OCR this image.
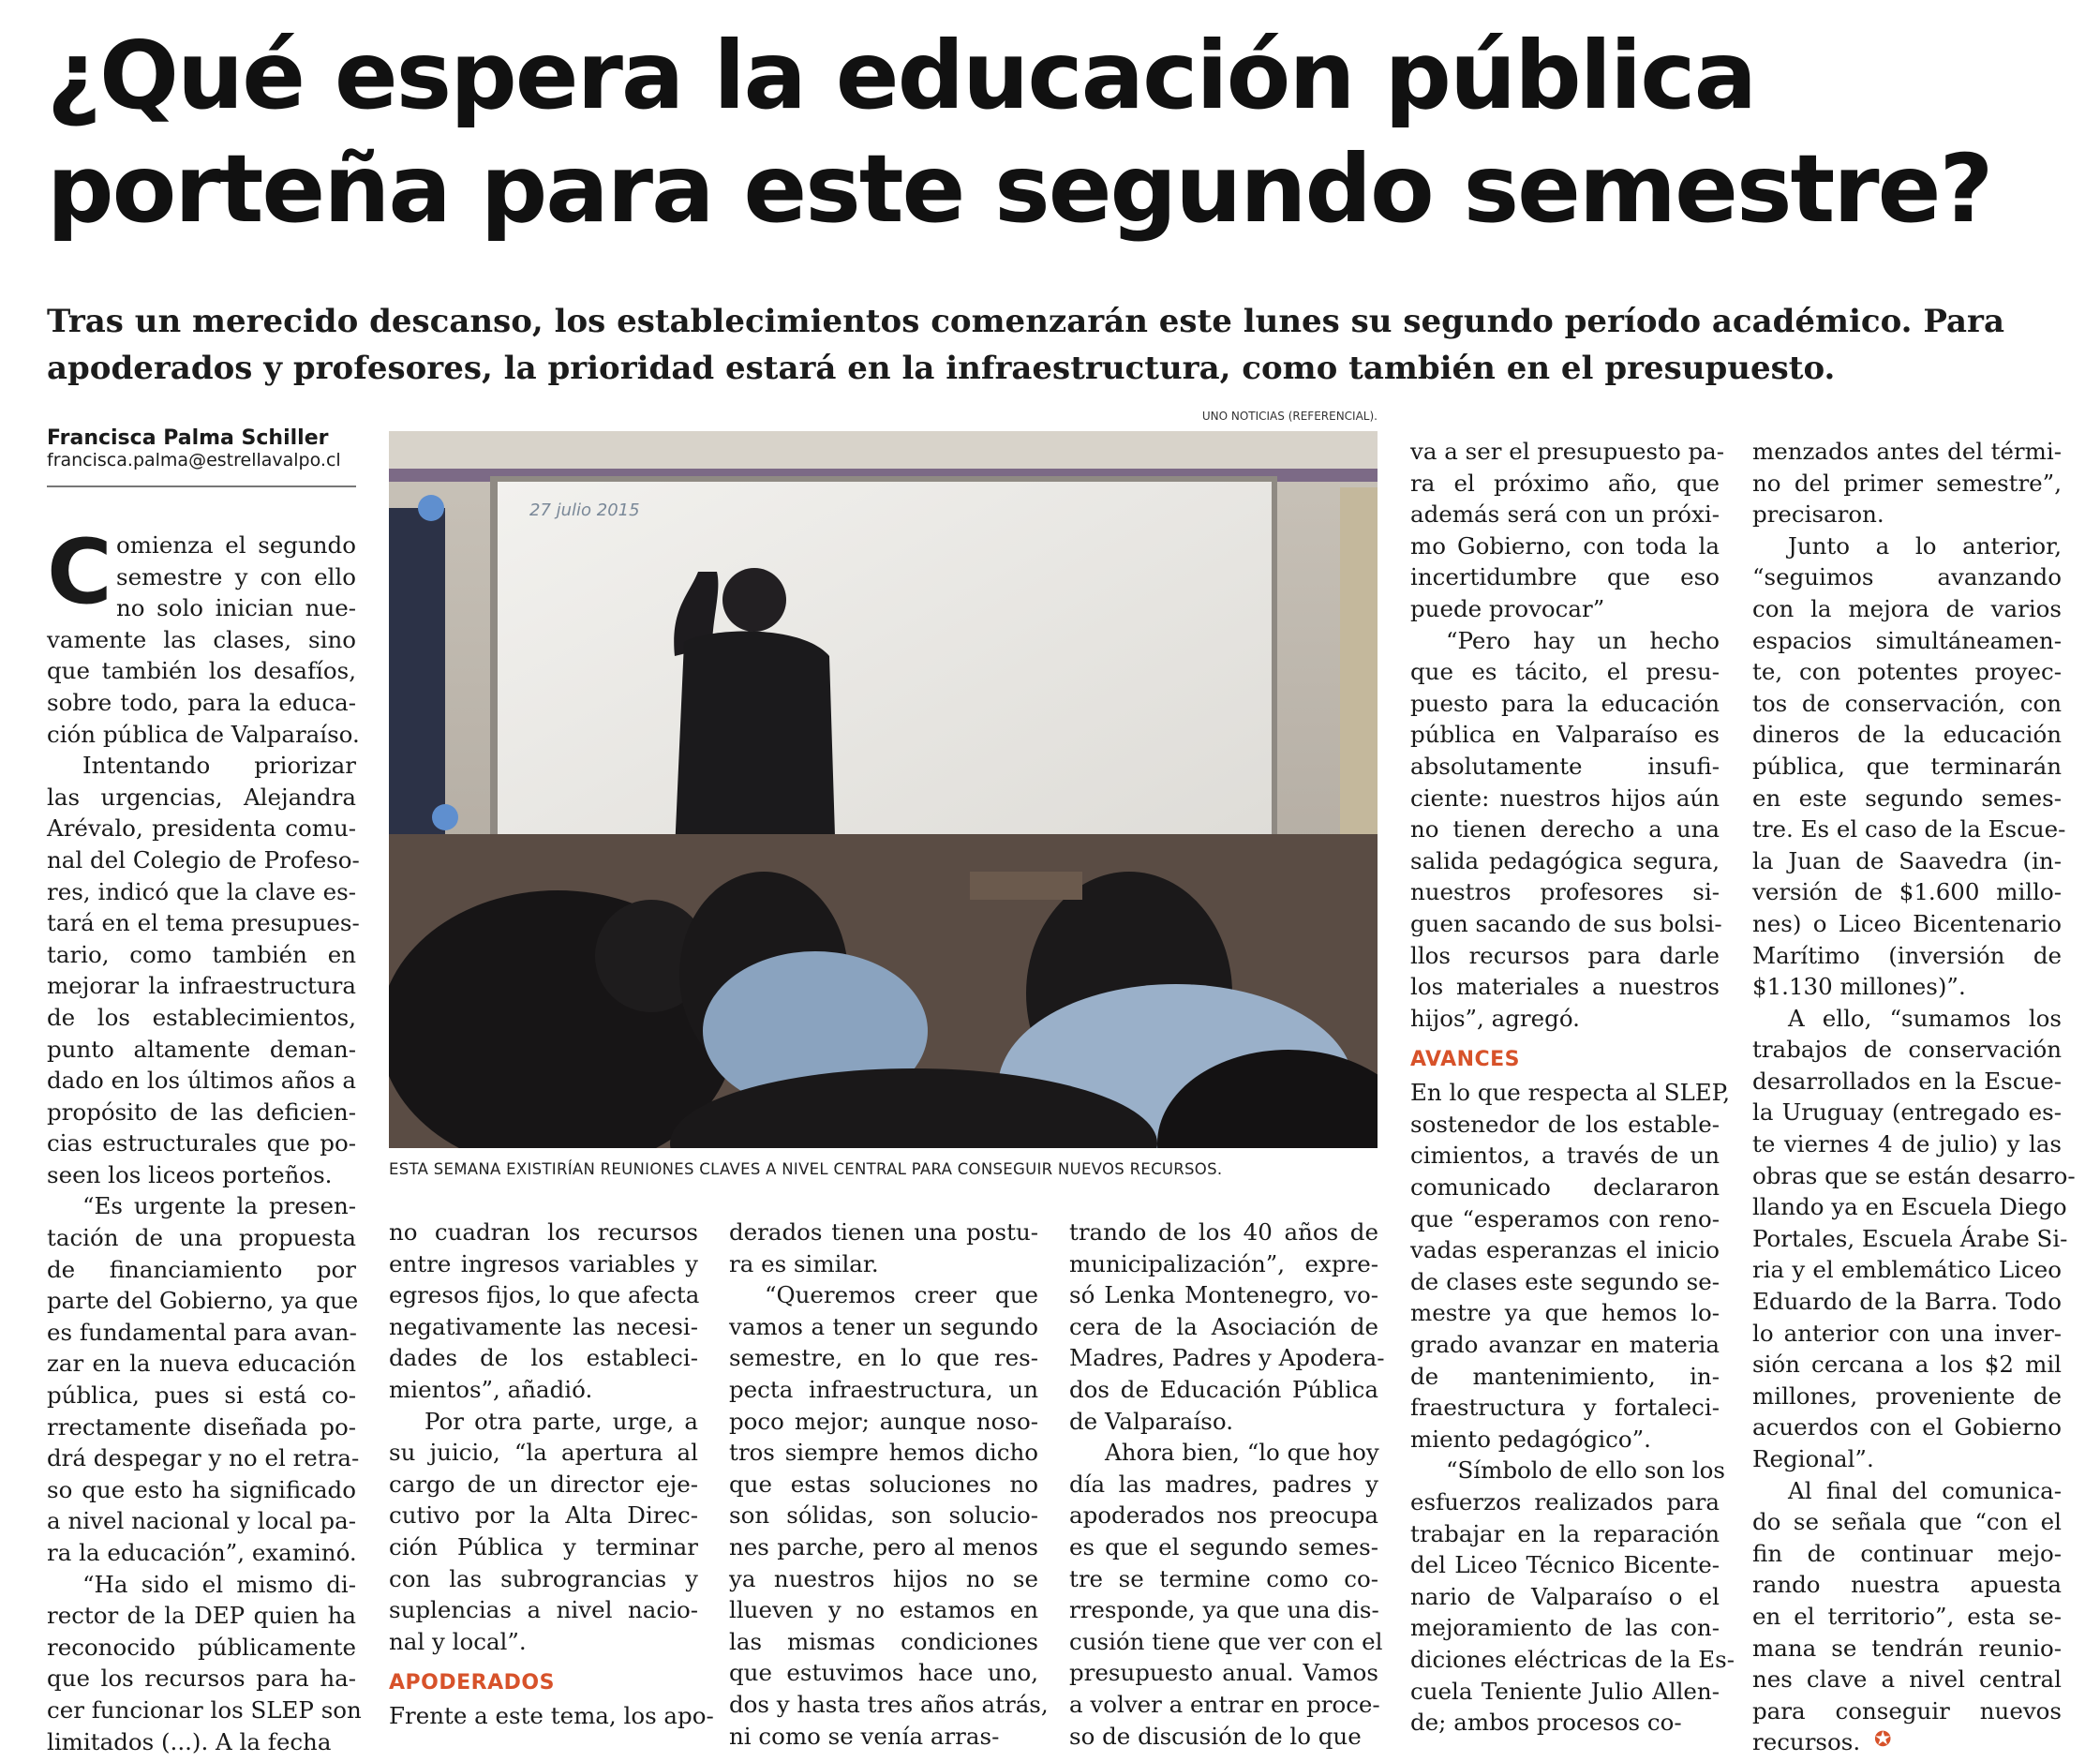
¿Qué espera la educación pública
porteña para este segundo semestre?
Tras un merecido descanso, los establecimientos comenzarán este lunes su segundo período académico. Para
apoderados y profesores, la prioridad estará en la infraestructura, como también en el presupuesto.
Francisca Palma Schiller
francisca.palma@estrellavalpo.cl
UNO NOTICIAS (REFERENCIAL).
27 julio 2015
ESTA SEMANA EXISTIRÍAN REUNIONES CLAVES A NIVEL CENTRAL PARA CONSEGUIR NUEVOS RECURSOS.
C omienza el segundo
semestre y con ello
no solo inician nue-
vamente las clases, sino
que también los desafíos,
sobre todo, para la educa-
ción pública de Valparaíso.
Intentando priorizar
las urgencias, Alejandra
Arévalo, presidenta comu-
nal del Colegio de Profeso-
res, indicó que la clave es-
tará en el tema presupues-
tario, como también en
mejorar la infraestructura
de los establecimientos,
punto altamente deman-
dado en los últimos años a
propósito de las deficien-
cias estructurales que po-
seen los liceos porteños.
“Es urgente la presen-
tación de una propuesta
de financiamiento por
parte del Gobierno, ya que
es fundamental para avan-
zar en la nueva educación
pública, pues si está co-
rrectamente diseñada po-
drá despegar y no el retra-
so que esto ha significado
a nivel nacional y local pa-
ra la educación”, examinó.
“Ha sido el mismo di-
rector de la DEP quien ha
reconocido públicamente
que los recursos para ha-
cer funcionar los SLEP son
limitados (...). A la fecha
no cuadran los recursos
entre ingresos variables y
egresos fijos, lo que afecta
negativamente las necesi-
dades de los estableci-
mientos”, añadió.
Por otra parte, urge, a
su juicio, “la apertura al
cargo de un director eje-
cutivo por la Alta Direc-
ción Pública y terminar
con las subrograncias y
suplencias a nivel nacio-
nal y local”.
APODERADOS
Frente a este tema, los apo-
derados tienen una postu-
ra es similar.
“Queremos creer que
vamos a tener un segundo
semestre, en lo que res-
pecta infraestructura, un
poco mejor; aunque noso-
tros siempre hemos dicho
que estas soluciones no
son sólidas, son solucio-
nes parche, pero al menos
ya nuestros hijos no se
llueven y no estamos en
las mismas condiciones
que estuvimos hace uno,
dos y hasta tres años atrás,
ni como se venía arras-
trando de los 40 años de
municipalización”, expre-
só Lenka Montenegro, vo-
cera de la Asociación de
Madres, Padres y Apodera-
dos de Educación Pública
de Valparaíso.
Ahora bien, “lo que hoy
día las madres, padres y
apoderados nos preocupa
es que el segundo semes-
tre se termine como co-
rresponde, ya que una dis-
cusión tiene que ver con el
presupuesto anual. Vamos
a volver a entrar en proce-
so de discusión de lo que
va a ser el presupuesto pa-
ra el próximo año, que
además será con un próxi-
mo Gobierno, con toda la
incertidumbre que eso
puede provocar”
“Pero hay un hecho
que es tácito, el presu-
puesto para la educación
pública en Valparaíso es
absolutamente insufi-
ciente: nuestros hijos aún
no tienen derecho a una
salida pedagógica segura,
nuestros profesores si-
guen sacando de sus bolsi-
llos recursos para darle
los materiales a nuestros
hijos”, agregó.
AVANCES
En lo que respecta al SLEP,
sostenedor de los estable-
cimientos, a través de un
comunicado declararon
que “esperamos con reno-
vadas esperanzas el inicio
de clases este segundo se-
mestre ya que hemos lo-
grado avanzar en materia
de mantenimiento, in-
fraestructura y fortaleci-
miento pedagógico”.
“Símbolo de ello son los
esfuerzos realizados para
trabajar en la reparación
del Liceo Técnico Bicente-
nario de Valparaíso o el
mejoramiento de las con-
diciones eléctricas de la Es-
cuela Teniente Julio Allen-
de; ambos procesos co-
menzados antes del térmi-
no del primer semestre”,
precisaron.
Junto a lo anterior,
“seguimos avanzando
con la mejora de varios
espacios simultáneamen-
te, con potentes proyec-
tos de conservación, con
dineros de la educación
pública, que terminarán
en este segundo semes-
tre. Es el caso de la Escue-
la Juan de Saavedra (in-
versión de $1.600 millo-
nes) o Liceo Bicentenario
Marítimo (inversión de
$1.130 millones)”.
A ello, “sumamos los
trabajos de conservación
desarrollados en la Escue-
la Uruguay (entregado es-
te viernes 4 de julio) y las
obras que se están desarro-
llando ya en Escuela Diego
Portales, Escuela Árabe Si-
ria y el emblemático Liceo
Eduardo de la Barra. Todo
lo anterior con una inver-
sión cercana a los $2 mil
millones, proveniente de
acuerdos con el Gobierno
Regional”.
Al final del comunica-
do se señala que “con el
fin de continuar mejo-
rando nuestra apuesta
en el territorio”, esta se-
mana se tendrán reunio-
nes clave a nivel central
para conseguir nuevos
recursos. ✪
